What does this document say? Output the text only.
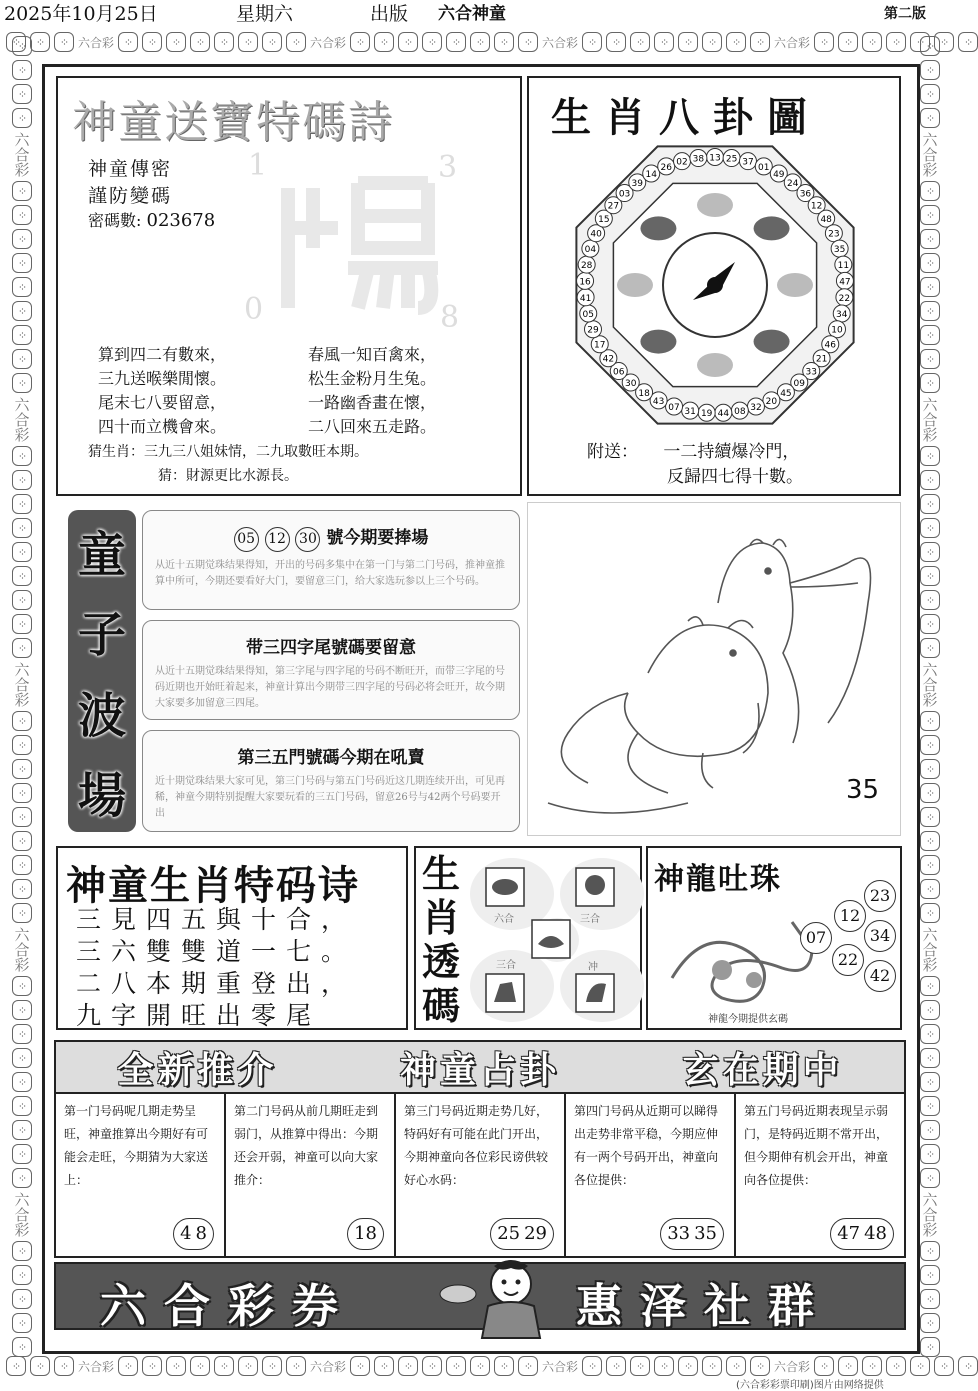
2025年10月25日	星期六	出版 六合神童	第二版
⁘	⁘	⁘ 六合彩 ⁘	⁘	⁘	⁘	⁘	⁘	⁘	⁘ 六合彩 ⁘	⁘	⁘	⁘	⁘	⁘	⁘	⁘ 六合彩 ⁘	⁘	⁘	⁘	⁘	⁘	⁘	⁘ 六合彩 ⁘	⁘	⁘	⁘	⁘	⁘	⁘
⁘	⁘	⁘ 六合彩 ⁘	⁘	⁘	⁘	⁘	⁘	⁘	⁘ 六合彩 ⁘	⁘	⁘	⁘	⁘	⁘	⁘	⁘ 六合彩 ⁘	⁘	⁘	⁘	⁘	⁘	⁘	⁘ 六合彩 ⁘	⁘	⁘	⁘	⁘	⁘	⁘
⁘
⁘
⁘
⁘
六合彩
⁘
⁘
⁘
⁘
⁘
⁘
⁘
⁘
⁘
六合彩
⁘
⁘
⁘
⁘
⁘
⁘
⁘
⁘
⁘
六合彩
⁘
⁘
⁘
⁘
⁘
⁘
⁘
⁘
⁘
六合彩
⁘
⁘
⁘
⁘
⁘
⁘
⁘
⁘
⁘
六合彩
⁘
⁘
⁘
⁘
⁘
⁘
⁘
⁘
⁘
六合彩
⁘
⁘
⁘
⁘
⁘
⁘
⁘
⁘
⁘
六合彩
⁘
⁘
⁘
⁘
⁘
⁘
⁘
⁘
⁘
六合彩
⁘
⁘
⁘
⁘
⁘
⁘
⁘
⁘
⁘
六合彩
⁘
⁘
⁘
⁘
⁘
⁘
⁘
⁘
⁘
六合彩
⁘
⁘
⁘
⁘
⁘
神童送寶特碼詩
神童傳密
謹防變碼
密碼數: 023678
1	3
0	8
算到四二有數來，	春風一知百禽來，
三九送喉樂閒懷。	松生金粉月生兔。
尾末七八要留意，	一路幽香畫在懷，
四十而立機會來。	二八回來五走路。
猜生肖：三九三八姐妹情，二九取數旺本期。
猜：財源更比水源長。
生肖八卦圖
13 25 37
01
49
24
36
12
48
23
35
11
47
22
34
10
46
21
33
09
45
20
32
08
44
19
31
07
43
18
30
06
42
17
29
05
41
16
28
04
40
15
27
03
39
14
26
02 38
附送： 一二持續爆冷門，
反歸四七得十數。
童
子
波
場
05 12 30 號今期要捧場
从近十五期觉珠结果得知，开出的号码多集中在第一门与第二门号码，推神童推算中所可，今期还要看好大门，要留意三门，给大家选玩参以上三个号码。
带三四字尾號碼要留意
从近十五期觉珠结果得知，第三字尾与四字尾的号码不断旺开，而带三字尾的号码近期也开始旺着起来，神童计算出今期带三四字尾的号码必将会旺开，故今期大家要多加留意三四尾。
第三五門號碼今期在吼賣
近十期觉珠结果大家可见，第三门号码与第五门号码近这几期连续开出，可见再稀，神童今期特别提醒大家要玩看的三五门号码，留意26号与42两个号码要开出
35
神童生肖特码诗
三見四五與十合，
三六雙雙道一七。
二八本期重登出，
九字開旺出零尾
生肖透碼
六合	三合
三合	冲
神龍吐珠	23
12
34
07
22
42
神龍今期提供玄碼
全新推介	神童占卦	玄在期中
第一门号码呢几期走势呈旺，神童推算出今期好有可能会走旺，今期猜为大家送上：
4 8
第二门号码从前几期旺走到弱门，从推算中得出：今期还会开弱，神童可以向大家推介：
18
第三门号码近期走势几好，特码好有可能在此门开出，今期神童向各位彩民谤供较好心水码：
25 29
第四门号码从近期可以睇得出走势非常平稳，今期应伸有一两个号码开出，神童向各位提供：
33 35
第五门号码近期表现呈示弱门，是特码近期不常开出，但今期伸有机会开出，神童向各位提供：
47 48
六合彩券	惠泽社群
(六合彩彩票印刷)图片由网络提供
